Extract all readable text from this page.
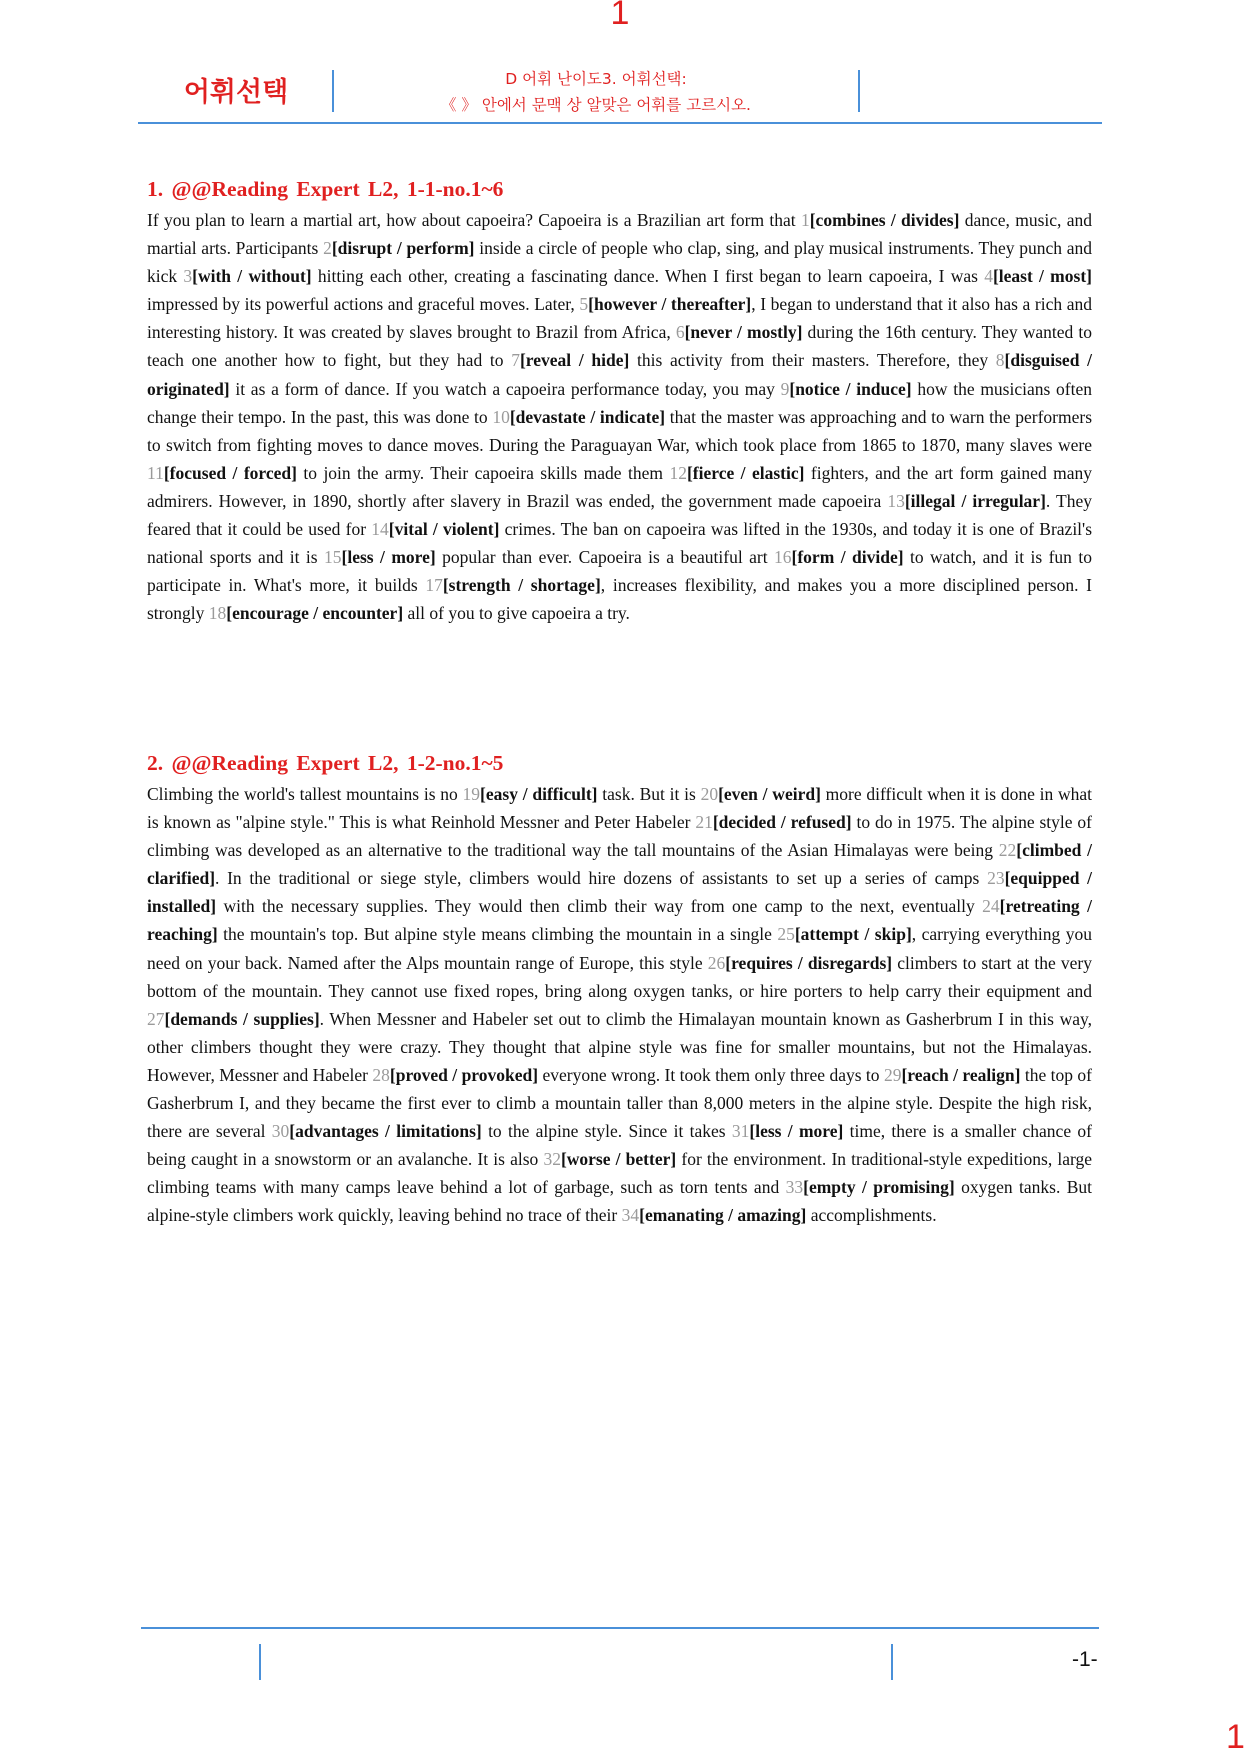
1
어휘선택	D 어휘 난이도3. 어휘선택:
《 》 안에서 문맥 상 알맞은 어휘를 고르시오.
1. @@Reading Expert L2, 1-1-no.1~6

If you plan to learn a martial art, how about capoeira? Capoeira is a Brazilian art form that 1[combines / divides] dance, music, and martial arts. Participants 2[disrupt / perform] inside a circle of people who clap, sing, and play musical instruments. They punch and kick 3[with / without] hitting each other, creating a fascinating dance. When I first began to learn capoeira, I was 4[least / most] impressed by its powerful actions and graceful moves. Later, 5[however / thereafter], I began to understand that it also has a rich and interesting history. It was created by slaves brought to Brazil from Africa, 6[never / mostly] during the 16th century. They wanted to teach one another how to fight, but they had to 7[reveal / hide] this activity from their masters. Therefore, they 8[disguised / originated] it as a form of dance. If you watch a capoeira performance today, you may 9[notice / induce] how the musicians often change their tempo. In the past, this was done to 10[devastate / indicate] that the master was approaching and to warn the performers to switch from fighting moves to dance moves. During the Paraguayan War, which took place from 1865 to 1870, many slaves were 11[focused / forced] to join the army. Their capoeira skills made them 12[fierce / elastic] fighters, and the art form gained many admirers. However, in 1890, shortly after slavery in Brazil was ended, the government made capoeira 13[illegal / irregular]. They feared that it could be used for 14[vital / violent] crimes. The ban on capoeira was lifted in the 1930s, and today it is one of Brazil's national sports and it is 15[less / more] popular than ever. Capoeira is a beautiful art 16[form / divide] to watch, and it is fun to participate in. What's more, it builds 17[strength / shortage], increases flexibility, and makes you a more disciplined person. I strongly 18[encourage / encounter] all of you to give capoeira a try.

2. @@Reading Expert L2, 1-2-no.1~5

Climbing the world's tallest mountains is no 19[easy / difficult] task. But it is 20[even / weird] more difficult when it is done in what is known as "alpine style." This is what Reinhold Messner and Peter Habeler 21[decided / refused] to do in 1975. The alpine style of climbing was developed as an alternative to the traditional way the tall mountains of the Asian Himalayas were being 22[climbed / clarified]. In the traditional or siege style, climbers would hire dozens of assistants to set up a series of camps 23[equipped / installed] with the necessary supplies. They would then climb their way from one camp to the next, eventually 24[retreating / reaching] the mountain's top. But alpine style means climbing the mountain in a single 25[attempt / skip], carrying everything you need on your back. Named after the Alps mountain range of Europe, this style 26[requires / disregards] climbers to start at the very bottom of the mountain. They cannot use fixed ropes, bring along oxygen tanks, or hire porters to help carry their equipment and 27[demands / supplies]. When Messner and Habeler set out to climb the Himalayan mountain known as Gasherbrum I in this way, other climbers thought they were crazy. They thought that alpine style was fine for smaller mountains, but not the Himalayas. However, Messner and Habeler 28[proved / provoked] everyone wrong. It took them only three days to 29[reach / realign] the top of Gasherbrum I, and they became the first ever to climb a mountain taller than 8,000 meters in the alpine style. Despite the high risk, there are several 30[advantages / limitations] to the alpine style. Since it takes 31[less / more] time, there is a smaller chance of being caught in a snowstorm or an avalanche. It is also 32[worse / better] for the environment. In traditional-style expeditions, large climbing teams with many camps leave behind a lot of garbage, such as torn tents and 33[empty / promising] oxygen tanks. But alpine-style climbers work quickly, leaving behind no trace of their 34[emanating / amazing] accomplishments.

-1-
1
